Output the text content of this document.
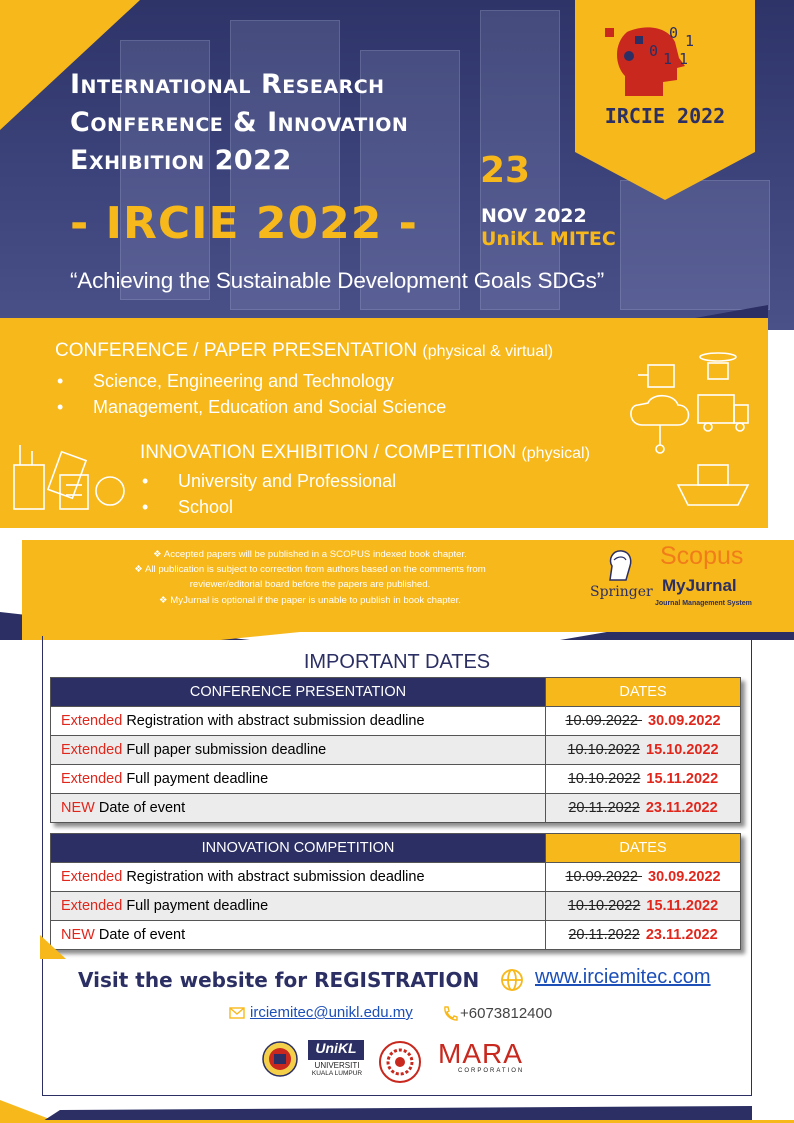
0
0 1
1 1
IRCIE 2022
International Research
Conference & Innovation
Exhibition 2022
- IRCIE 2022 -
23
NOV 2022
UniKL MITEC
“Achieving the Sustainable Development Goals SDGs”
CONFERENCE / PAPER PRESENTATION (physical & virtual)
• Science, Engineering and Technology
• Management, Education and Social Science
INNOVATION EXHIBITION / COMPETITION (physical)
• University and Professional
• School
❖ Accepted papers will be published in a SCOPUS indexed book chapter.
❖ All publication is subject to correction from authors based on the comments from
reviewer/editorial board before the papers are published.
❖ MyJurnal is optional if the paper is unable to publish in book chapter.
Springer
Scopus
MyJurnal
Journal Management System
IMPORTANT DATES
CONFERENCE PRESENTATION	DATES
Extended Registration with abstract submission deadline	10.09.2022 30.09.2022
Extended Full paper submission deadline	10.10.2022 15.10.2022
Extended Full payment deadline	10.10.2022 15.11.2022
NEW Date of event	20.11.2022 23.11.2022
INNOVATION COMPETITION	DATES
Extended Registration with abstract submission deadline	10.09.2022 30.09.2022
Extended Full payment deadline	10.10.2022 15.11.2022
NEW Date of event	20.11.2022 23.11.2022
Visit the website for REGISTRATION	www.irciemitec.com
irciemitec@unikl.edu.my	+6073812400
UniKL
UNIVERSITI
KUALA LUMPUR
MARA
CORPORATION
